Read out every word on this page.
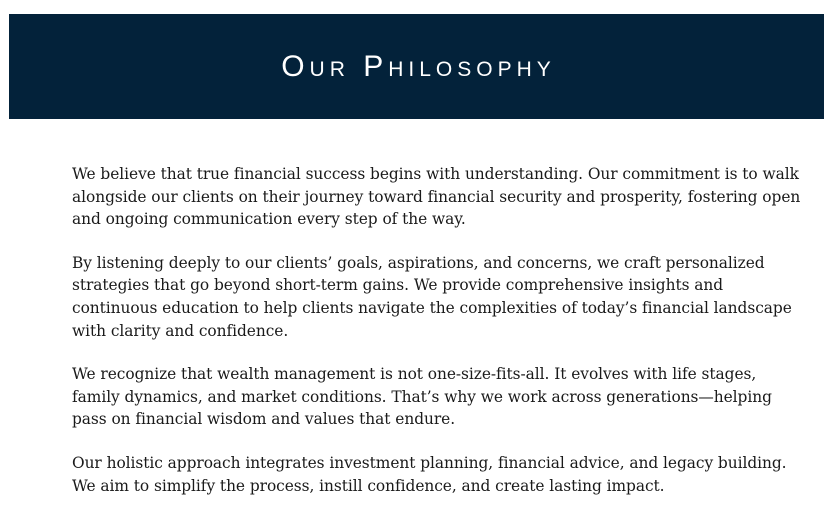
Our Philosophy

We believe that true financial success begins with understanding. Our commitment is to walk alongside our clients on their journey toward financial security and prosperity, fostering open and ongoing communication every step of the way.

By listening deeply to our clients’ goals, aspirations, and concerns, we craft personalized strategies that go beyond short-term gains. We provide comprehensive insights and continuous education to help clients navigate the complexities of today’s financial landscape with clarity and confidence.

We recognize that wealth management is not one-size-fits-all. It evolves with life stages, family dynamics, and market conditions. That’s why we work across generations—helping pass on financial wisdom and values that endure.

Our holistic approach integrates investment planning, financial advice, and legacy building. We aim to simplify the process, instill confidence, and create lasting impact.
